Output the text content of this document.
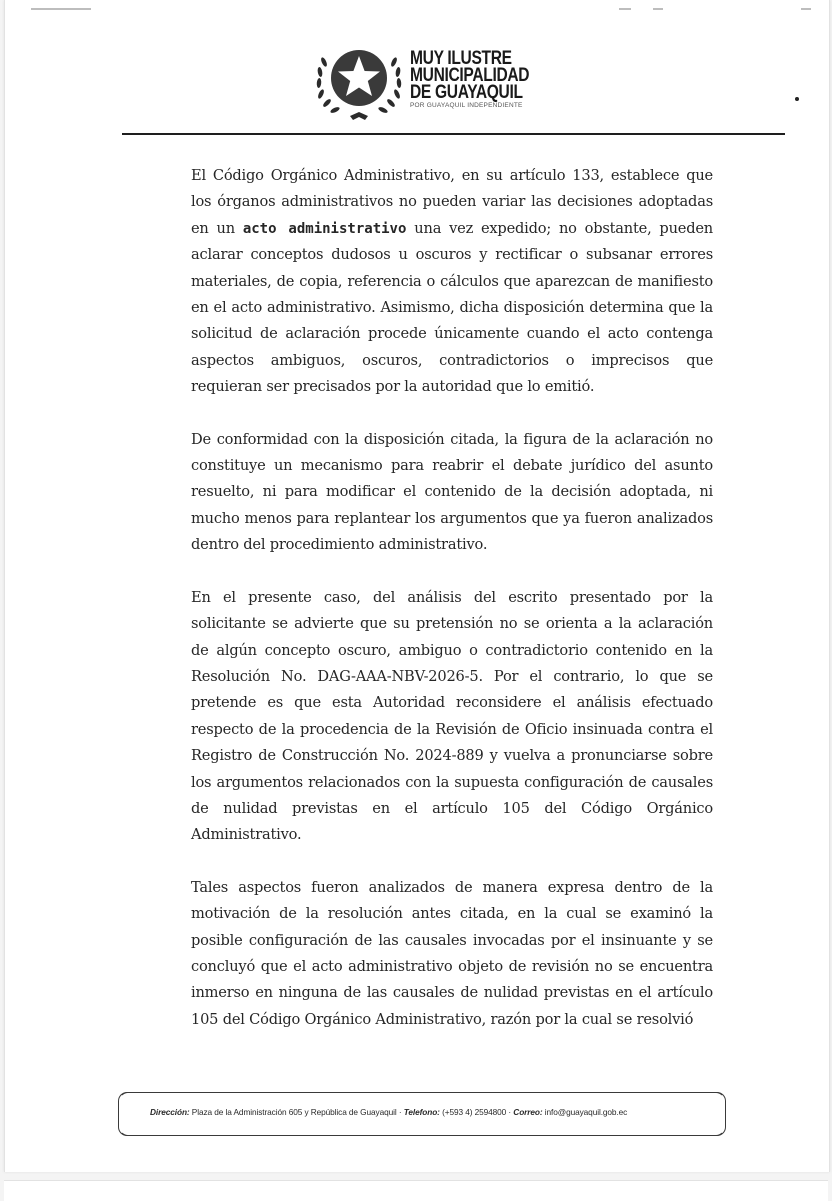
MUY ILUSTRE
MUNICIPALIDAD
DE GUAYAQUIL
POR GUAYAQUIL INDEPENDIENTE

El Código Orgánico Administrativo, en su artículo 133, establece que los órganos administrativos no pueden variar las decisiones adoptadas en un acto administrativo una vez expedido; no obstante, pueden aclarar conceptos dudosos u oscuros y rectificar o subsanar errores materiales, de copia, referencia o cálculos que aparezcan de manifiesto en el acto administrativo. Asimismo, dicha disposición determina que la solicitud de aclaración procede únicamente cuando el acto contenga aspectos ambiguos, oscuros, contradictorios o imprecisos que requieran ser precisados por la autoridad que lo emitió.

De conformidad con la disposición citada, la figura de la aclaración no constituye un mecanismo para reabrir el debate jurídico del asunto resuelto, ni para modificar el contenido de la decisión adoptada, ni mucho menos para replantear los argumentos que ya fueron analizados dentro del procedimiento administrativo.

En el presente caso, del análisis del escrito presentado por la solicitante se advierte que su pretensión no se orienta a la aclaración de algún concepto oscuro, ambiguo o contradictorio contenido en la Resolución No. DAG-AAA-NBV-2026-5. Por el contrario, lo que se pretende es que esta Autoridad reconsidere el análisis efectuado respecto de la procedencia de la Revisión de Oficio insinuada contra el Registro de Construcción No. 2024-889 y vuelva a pronunciarse sobre los argumentos relacionados con la supuesta configuración de causales de nulidad previstas en el artículo 105 del Código Orgánico Administrativo.

Tales aspectos fueron analizados de manera expresa dentro de la motivación de la resolución antes citada, en la cual se examinó la posible configuración de las causales invocadas por el insinuante y se concluyó que el acto administrativo objeto de revisión no se encuentra inmerso en ninguna de las causales de nulidad previstas en el artículo 105 del Código Orgánico Administrativo, razón por la cual se resolvió

Dirección: Plaza de la Administración 605 y República de Guayaquil · Telefono: (+593 4) 2594800 · Correo: info@guayaquil.gob.ec
